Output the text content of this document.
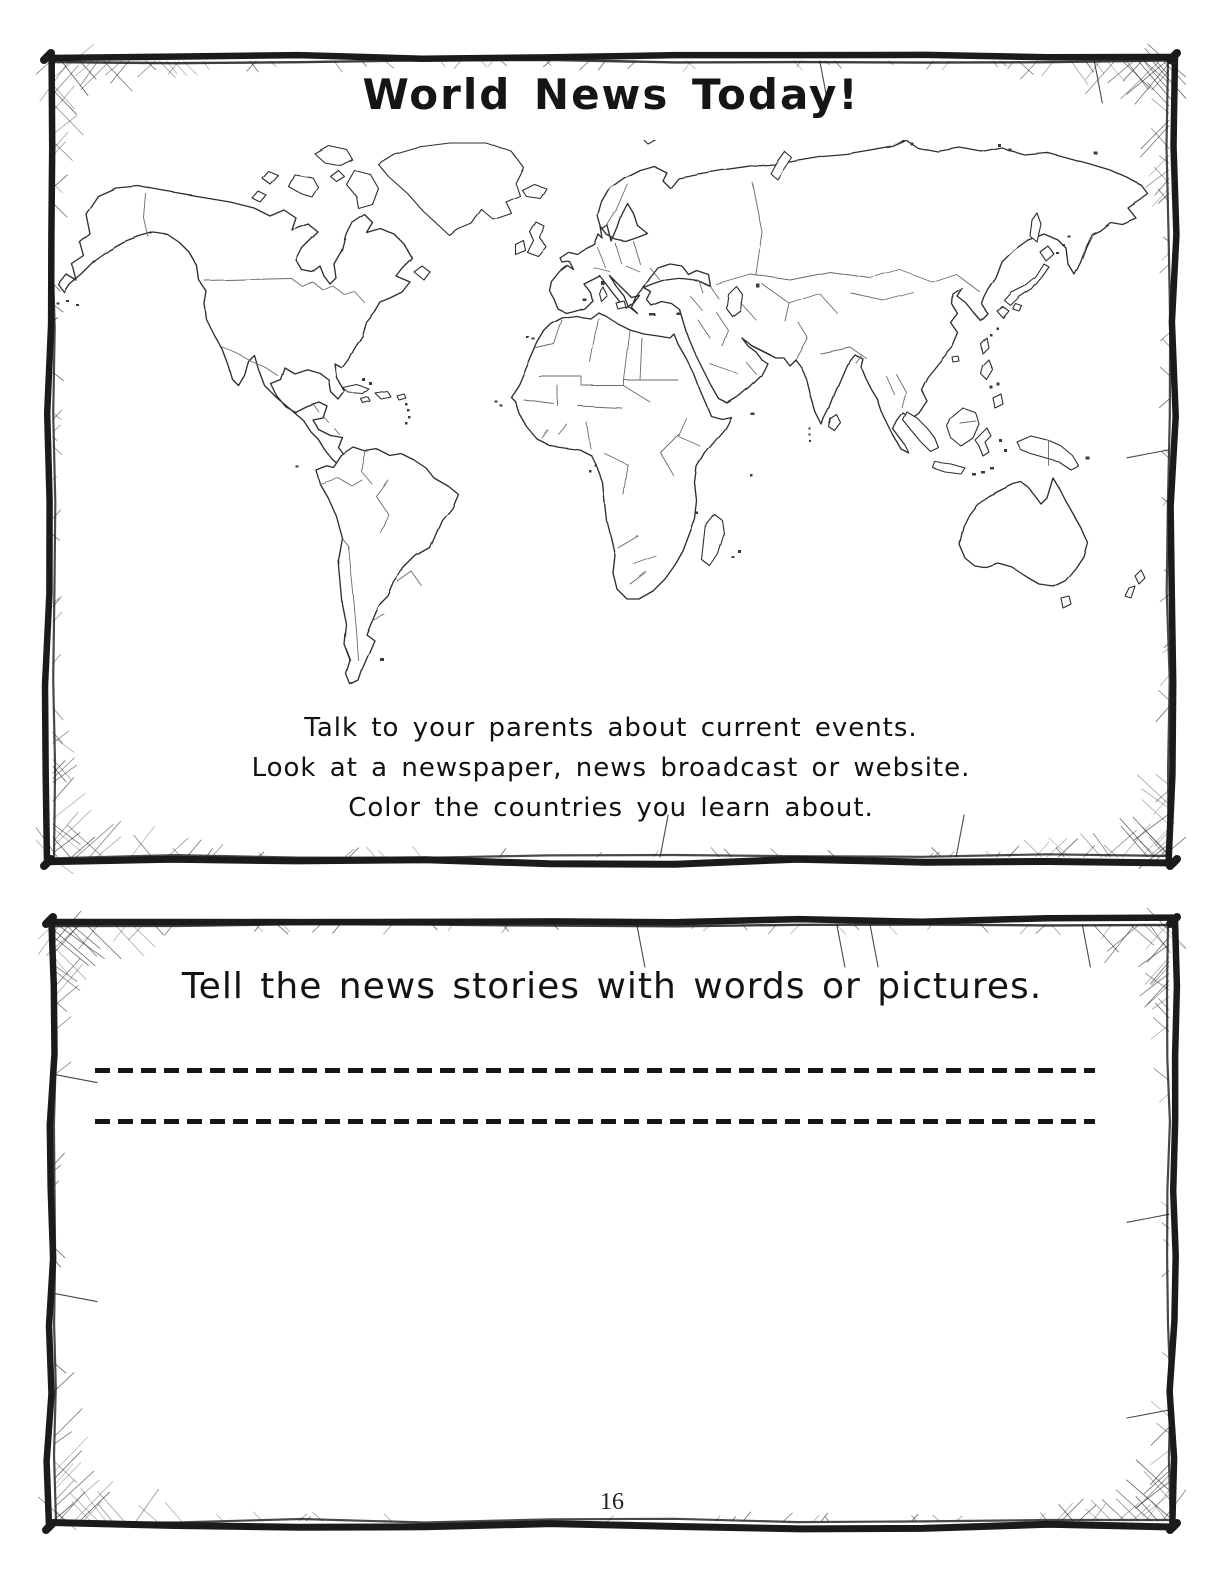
World News Today!
Talk to your parents about current events.
Look at a newspaper, news broadcast or website.
Color the countries you learn about.
Tell the news stories with words or pictures.
16
